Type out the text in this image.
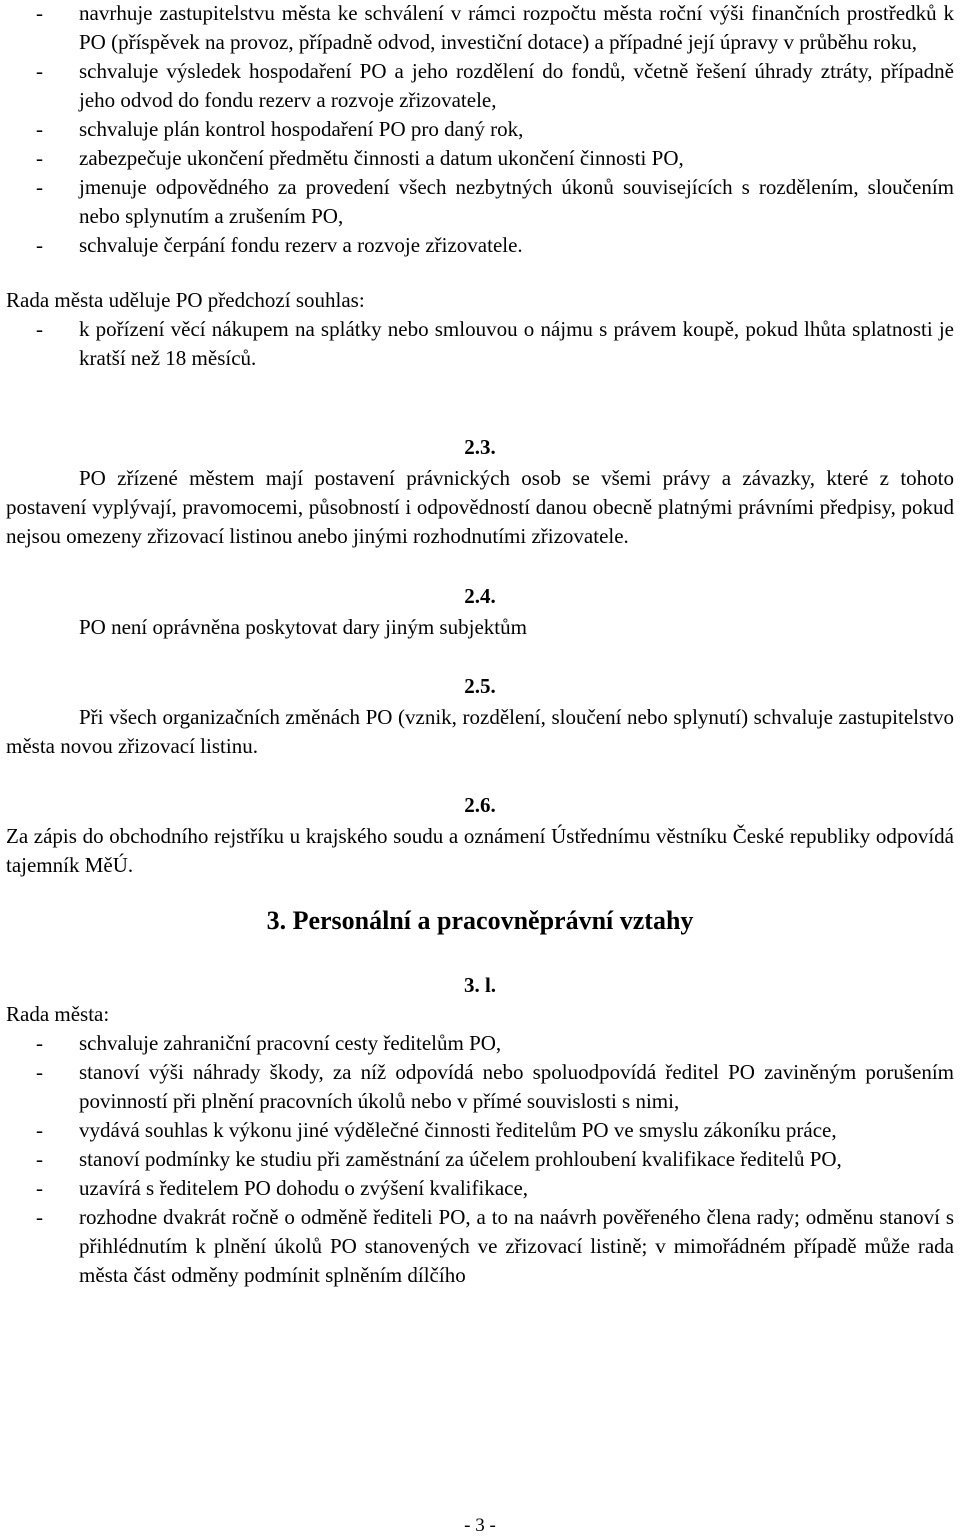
- navrhuje zastupitelstvu města ke schválení v rámci rozpočtu města roční výši finančních prostředků k PO (příspěvek na provoz, případně odvod, investiční dotace) a případné její úpravy v průběhu roku,
- schvaluje výsledek hospodaření PO a jeho rozdělení do fondů, včetně řešení úhrady ztráty, případně jeho odvod do fondu rezerv a rozvoje zřizovatele,
- schvaluje plán kontrol hospodaření PO pro daný rok,
- zabezpečuje ukončení předmětu činnosti a datum ukončení činnosti PO,
- jmenuje odpovědného za provedení všech nezbytných úkonů souvisejících s rozdělením, sloučením nebo splynutím a zrušením PO,
- schvaluje čerpání fondu rezerv a rozvoje zřizovatele.
Rada města uděluje PO předchozí souhlas:
- k pořízení věcí nákupem na splátky nebo smlouvou o nájmu s právem koupě, pokud lhůta splatnosti je kratší než 18 měsíců.
2.3.
PO zřízené městem mají postavení právnických osob se všemi právy a závazky, které z tohoto postavení vyplývají, pravomocemi, působností i odpovědností danou obecně platnými právními předpisy, pokud nejsou omezeny zřizovací listinou anebo jinými rozhodnutími zřizovatele.
2.4.
PO není oprávněna poskytovat dary jiným subjektům
2.5.
Při všech organizačních změnách PO (vznik, rozdělení, sloučení nebo splynutí) schvaluje zastupitelstvo města novou zřizovací listinu.
2.6.
Za zápis do obchodního rejstříku u krajského soudu a oznámení Ústřednímu věstníku České republiky odpovídá tajemník MěÚ.
3. Personální a pracovněprávní vztahy
3. l.
Rada města:
- schvaluje zahraniční pracovní cesty ředitelům PO,
- stanoví výši náhrady škody, za níž odpovídá nebo spoluodpovídá ředitel PO zaviněným porušením povinností při plnění pracovních úkolů nebo v přímé souvislosti s nimi,
- vydává souhlas k výkonu jiné výdělečné činnosti ředitelům PO ve smyslu zákoníku práce,
- stanoví podmínky ke studiu při zaměstnání za účelem prohloubení kvalifikace ředitelů PO,
- uzavírá s ředitelem PO dohodu o zvýšení kvalifikace,
- rozhodne dvakrát ročně o odměně řediteli PO, a to na naávrh pověřeného člena rady; odměnu stanoví s přihlédnutím k plnění úkolů PO stanovených ve zřizovací listině; v mimořádném případě může rada města část odměny podmínit splněním dílčího
- 3 -
